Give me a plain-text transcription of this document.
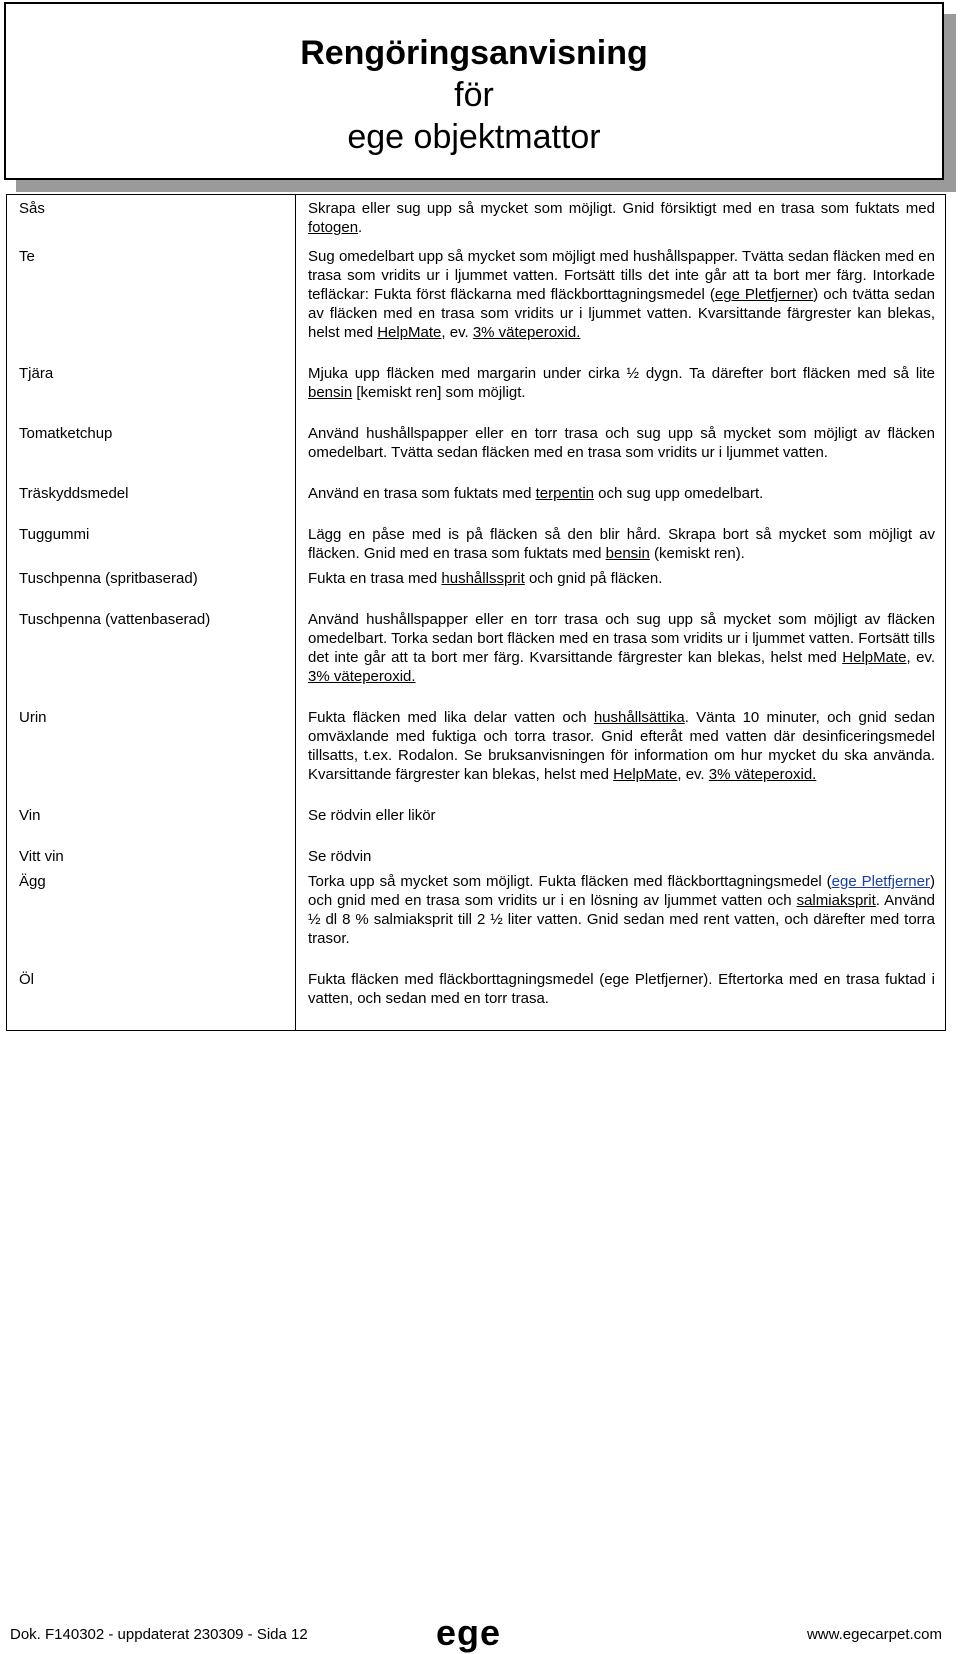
Rengöringsanvisning
för
ege objektmattor
Sås	Skrapa eller sug upp så mycket som möjligt. Gnid försiktigt med en trasa som fuktats med fotogen.
Te	Sug omedelbart upp så mycket som möjligt med hushållspapper. Tvätta sedan fläcken med en trasa som vridits ur i ljummet vatten. Fortsätt tills det inte går att ta bort mer färg. Intorkade tefläckar: Fukta först fläckarna med fläckborttagningsmedel (ege Pletfjerner) och tvätta sedan av fläcken med en trasa som vridits ur i ljummet vatten. Kvarsittande färgrester kan blekas, helst med HelpMate, ev. 3% väteperoxid.
Tjära	Mjuka upp fläcken med margarin under cirka ½ dygn. Ta därefter bort fläcken med så lite bensin [kemiskt ren] som möjligt.
Tomatketchup	Använd hushållspapper eller en torr trasa och sug upp så mycket som möjligt av fläcken omedelbart. Tvätta sedan fläcken med en trasa som vridits ur i ljummet vatten.
Träskyddsmedel	Använd en trasa som fuktats med terpentin och sug upp omedelbart.
Tuggummi	Lägg en påse med is på fläcken så den blir hård. Skrapa bort så mycket som möjligt av fläcken. Gnid med en trasa som fuktats med bensin (kemiskt ren).
Tuschpenna (spritbaserad)	Fukta en trasa med hushållssprit och gnid på fläcken.
Tuschpenna (vattenbaserad)	Använd hushållspapper eller en torr trasa och sug upp så mycket som möjligt av fläcken omedelbart. Torka sedan bort fläcken med en trasa som vridits ur i ljummet vatten. Fortsätt tills det inte går att ta bort mer färg. Kvarsittande färgrester kan blekas, helst med HelpMate, ev. 3% väteperoxid.
Urin	Fukta fläcken med lika delar vatten och hushållsättika. Vänta 10 minuter, och gnid sedan omväxlande med fuktiga och torra trasor. Gnid efteråt med vatten där desinficeringsmedel tillsatts, t.ex. Rodalon. Se bruksanvisningen för information om hur mycket du ska använda. Kvarsittande färgrester kan blekas, helst med HelpMate, ev. 3% väteperoxid.
Vin	Se rödvin eller likör
Vitt vin	Se rödvin
Ägg	Torka upp så mycket som möjligt. Fukta fläcken med fläckborttagningsmedel (ege Pletfjerner) och gnid med en trasa som vridits ur i en lösning av ljummet vatten och salmiaksprit. Använd ½ dl 8 % salmiaksprit till 2 ½ liter vatten. Gnid sedan med rent vatten, och därefter med torra trasor.
Öl	Fukta fläcken med fläckborttagningsmedel (ege Pletfjerner). Eftertorka med en trasa fuktad i vatten, och sedan med en torr trasa.
Dok. F140302 - uppdaterat 230309 - Sida 12	ege	www.egecarpet.com
